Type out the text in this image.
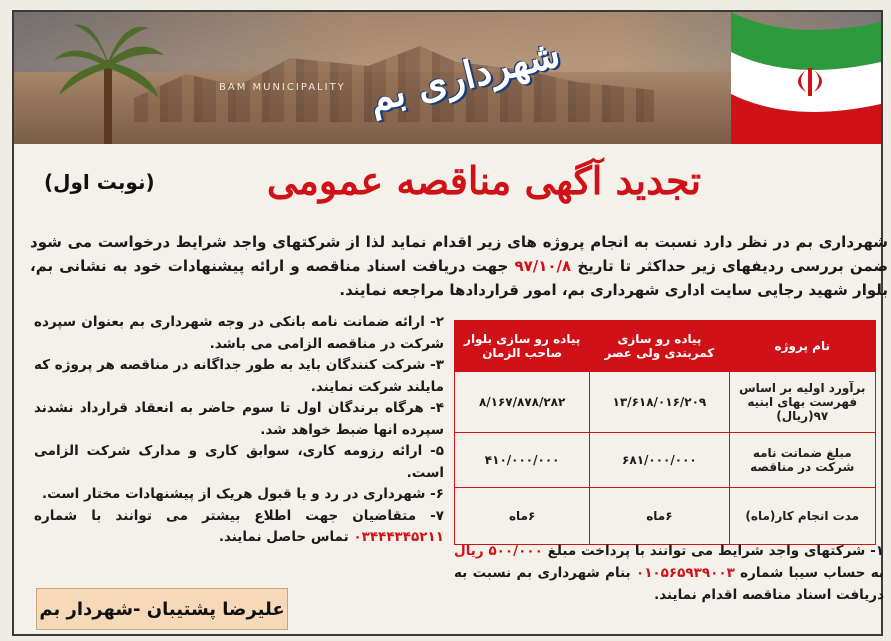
BAM MUNICIPALITY شهرداری بم
(نوبت اول)	تجدید آگهی مناقصه عمومی
شهرداری بم در نظر دارد نسبت به انجام پروژه های زیر اقدام نماید لذا از شرکتهای واجد شرایط درخواست می شود ضمن بررسی ردیفهای زیر حداکثر تا تاریخ ۹۷/۱۰/۸ جهت دریافت اسناد مناقصه و ارائه پیشنهادات خود به نشانی بم، بلوار شهید رجایی سایت اداری شهرداری بم، امور قراردادها مراجعه نمایند.
۲- ارائه ضمانت نامه بانکی در وجه شهرداری بم بعنوان سپرده شرکت در مناقصه الزامی می باشد.
۳- شرکت کنندگان باید به طور جداگانه در مناقصه هر پروژه که مایلند شرکت نمایند.
۴- هرگاه برندگان اول تا سوم حاضر به انعقاد قرارداد نشدند سپرده انها ضبط خواهد شد.
۵- ارائه رزومه کاری، سوابق کاری و مدارک شرکت الزامی است.
۶- شهرداری در رد و یا قبول هریک از پیشنهادات مختار است.
۷- متقاضیان جهت اطلاع بیشتر می توانند با شماره ۰۳۴۴۴۳۴۵۲۱۱ تماس حاصل نمایند.
نام پروژه	پیاده رو سازی کمربندی ولی عصر	پیاده رو سازی بلوار صاحب الزمان
برآورد اولیه بر اساس فهرست بهای ابنیه ۹۷(ریال)	۱۳/۶۱۸/۰۱۶/۲۰۹	۸/۱۶۷/۸۷۸/۲۸۲
مبلغ ضمانت نامه شرکت در مناقصه	۶۸۱/۰۰۰/۰۰۰	۴۱۰/۰۰۰/۰۰۰
مدت انجام کار(ماه)	۶ماه	۶ماه
۱- شرکتهای واجد شرایط می توانند با پرداخت مبلغ ۵۰۰/۰۰۰ ریال به حساب سیبا شماره ۰۱۰۵۶۵۹۳۹۰۰۳ بنام شهرداری بم نسبت به دریافت اسناد مناقصه اقدام نمایند.
علیرضا پشتیبان -شهردار بم
